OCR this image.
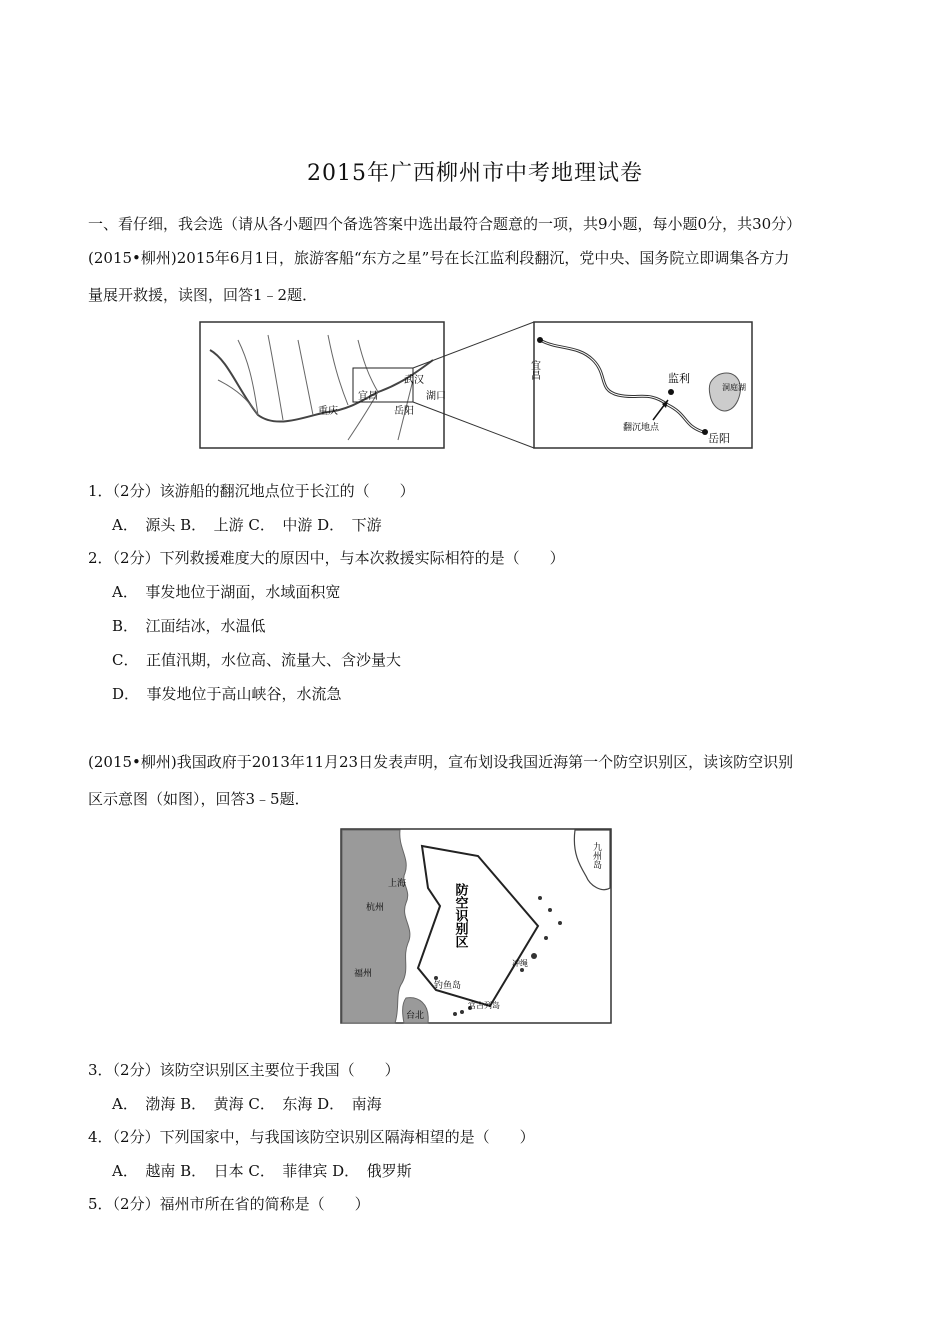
2015年广西柳州市中考地理试卷
一、看仔细，我会选（请从各小题四个备选答案中选出最符合题意的一项，共9小题，每小题0分，共30分）
(2015•柳州)2015年6月1日，旅游客船“东方之星”号在长江监利段翻沉，党中央、国务院立即调集各方力
量展开救援，读图，回答1﹣2题．
宜昌
武汉
重庆	岳阳
湖口
宜昌	监利
洞庭湖
翻沉地点
岳阳
1．（2分）该游船的翻沉地点位于长江的（　　）
A．　源头 B．　上游 C．　中游 D．　下游
2．（2分）下列救援难度大的原因中，与本次救援实际相符的是（　　）
A．　事发地位于湖面，水域面积宽
B．　江面结冰，水温低
C．　正值汛期，水位高、流量大、含沙量大
D．　事发地位于高山峡谷，水流急
(2015•柳州)我国政府于2013年11月23日发表声明，宣布划设我国近海第一个防空识别区，读该防空识别
区示意图（如图），回答3﹣5题．
防空识别区
上海
杭州
福州
钓鱼岛
台北
宫古列岛
冲绳
九州岛
3．（2分）该防空识别区主要位于我国（　　）
A．　渤海 B．　黄海 C．　东海 D．　南海
4．（2分）下列国家中，与我国该防空识别区隔海相望的是（　　）
A．　越南 B．　日本 C．　菲律宾 D．　俄罗斯
5．（2分）福州市所在省的简称是（　　）
